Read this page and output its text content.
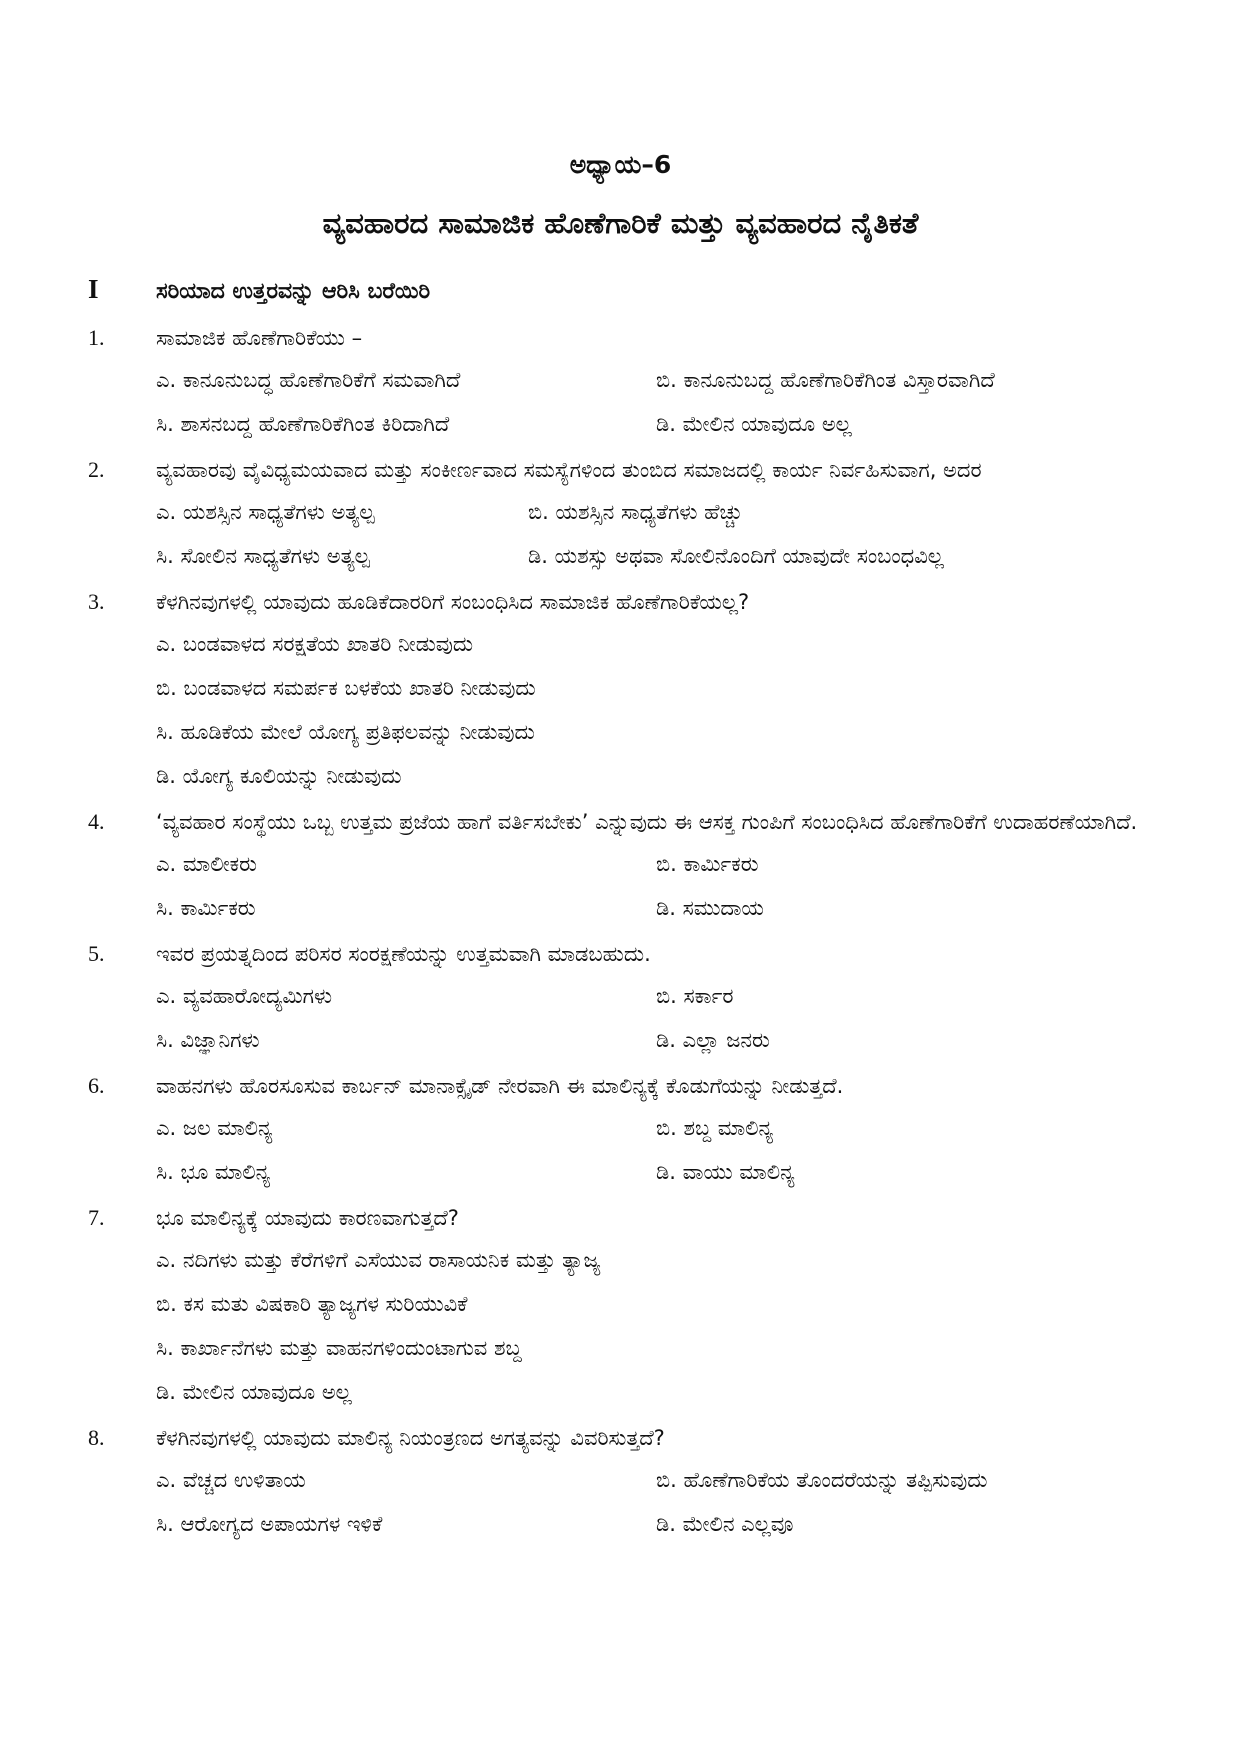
ಅಧ್ಯಾಯ–6
ವ್ಯವಹಾರದ ಸಾಮಾಜಿಕ ಹೊಣೆಗಾರಿಕೆ ಮತ್ತು ವ್ಯವಹಾರದ ನೈತಿಕತೆ
I	ಸರಿಯಾದ ಉತ್ತರವನ್ನು ಆರಿಸಿ ಬರೆಯಿರಿ
1.	ಸಾಮಾಜಿಕ ಹೊಣೆಗಾರಿಕೆಯು –
ಎ. ಕಾನೂನುಬದ್ಧ ಹೊಣೆಗಾರಿಕೆಗೆ ಸಮವಾಗಿದೆ	ಬಿ. ಕಾನೂನುಬದ್ದ ಹೊಣೆಗಾರಿಕೆಗಿಂತ ವಿಸ್ತಾರವಾಗಿದೆ
ಸಿ. ಶಾಸನಬದ್ದ ಹೊಣೆಗಾರಿಕೆಗಿಂತ ಕಿರಿದಾಗಿದೆ	ಡಿ. ಮೇಲಿನ ಯಾವುದೂ ಅಲ್ಲ
2.	ವ್ಯವಹಾರವು ವೈವಿಧ್ಯಮಯವಾದ ಮತ್ತು ಸಂಕೀರ್ಣವಾದ ಸಮಸ್ಯೆಗಳಿಂದ ತುಂಬಿದ ಸಮಾಜದಲ್ಲಿ ಕಾರ್ಯ ನಿರ್ವಹಿಸುವಾಗ, ಅದರ
ಎ. ಯಶಸ್ಸಿನ ಸಾಧ್ಯತೆಗಳು ಅತ್ಯಲ್ಪ	ಬಿ. ಯಶಸ್ಸಿನ ಸಾಧ್ಯತೆಗಳು ಹೆಚ್ಚು
ಸಿ. ಸೋಲಿನ ಸಾಧ್ಯತೆಗಳು ಅತ್ಯಲ್ಪ	ಡಿ. ಯಶಸ್ಸು ಅಥವಾ ಸೋಲಿನೊಂದಿಗೆ ಯಾವುದೇ ಸಂಬಂಧವಿಲ್ಲ
3.	ಕೆಳಗಿನವುಗಳಲ್ಲಿ ಯಾವುದು ಹೂಡಿಕೆದಾರರಿಗೆ ಸಂಬಂಧಿಸಿದ ಸಾಮಾಜಿಕ ಹೊಣೆಗಾರಿಕೆಯಲ್ಲ?
ಎ. ಬಂಡವಾಳದ ಸರಕ್ಷತೆಯ ಖಾತರಿ ನೀಡುವುದು
ಬಿ. ಬಂಡವಾಳದ ಸಮರ್ಪಕ ಬಳಕೆಯ ಖಾತರಿ ನೀಡುವುದು
ಸಿ. ಹೂಡಿಕೆಯ ಮೇಲೆ ಯೋಗ್ಯ ಪ್ರತಿಫಲವನ್ನು ನೀಡುವುದು
ಡಿ. ಯೋಗ್ಯ ಕೂಲಿಯನ್ನು ನೀಡುವುದು
4.	‘ವ್ಯವಹಾರ ಸಂಸ್ಥೆಯು ಒಬ್ಬ ಉತ್ತಮ ಪ್ರಜೆಯ ಹಾಗೆ ವರ್ತಿಸಬೇಕು’ ಎನ್ನುವುದು ಈ ಆಸಕ್ತ ಗುಂಪಿಗೆ ಸಂಬಂಧಿಸಿದ ಹೊಣೆಗಾರಿಕೆಗೆ ಉದಾಹರಣೆಯಾಗಿದೆ.
ಎ. ಮಾಲೀಕರು	ಬಿ. ಕಾರ್ಮಿಕರು
ಸಿ. ಕಾರ್ಮಿಕರು	ಡಿ. ಸಮುದಾಯ
5.	ಇವರ ಪ್ರಯತ್ನದಿಂದ ಪರಿಸರ ಸಂರಕ್ಷಣೆಯನ್ನು ಉತ್ತಮವಾಗಿ ಮಾಡಬಹುದು.
ಎ. ವ್ಯವಹಾರೋದ್ಯಮಿಗಳು	ಬಿ. ಸರ್ಕಾರ
ಸಿ. ವಿಜ್ಞಾನಿಗಳು	ಡಿ. ಎಲ್ಲಾ ಜನರು
6.	ವಾಹನಗಳು ಹೊರಸೂಸುವ ಕಾರ್ಬನ್ ಮಾನಾಕ್ಸೈಡ್ ನೇರವಾಗಿ ಈ ಮಾಲಿನ್ಯಕ್ಕೆ ಕೊಡುಗೆಯನ್ನು ನೀಡುತ್ತದೆ.
ಎ. ಜಲ ಮಾಲಿನ್ಯ	ಬಿ. ಶಬ್ದ ಮಾಲಿನ್ಯ
ಸಿ. ಭೂ ಮಾಲಿನ್ಯ	ಡಿ. ವಾಯು ಮಾಲಿನ್ಯ
7.	ಭೂ ಮಾಲಿನ್ಯಕ್ಕೆ ಯಾವುದು ಕಾರಣವಾಗುತ್ತದೆ?
ಎ. ನದಿಗಳು ಮತ್ತು ಕೆರೆಗಳಿಗೆ ಎಸೆಯುವ ರಾಸಾಯನಿಕ ಮತ್ತು ತ್ಯಾಜ್ಯ
ಬಿ. ಕಸ ಮತು ವಿಷಕಾರಿ ತ್ಯಾಜ್ಯಗಳ ಸುರಿಯುವಿಕೆ
ಸಿ. ಕಾರ್ಖಾನೆಗಳು ಮತ್ತು ವಾಹನಗಳಿಂದುಂಟಾಗುವ ಶಬ್ದ
ಡಿ. ಮೇಲಿನ ಯಾವುದೂ ಅಲ್ಲ
8.	ಕೆಳಗಿನವುಗಳಲ್ಲಿ ಯಾವುದು ಮಾಲಿನ್ಯ ನಿಯಂತ್ರಣದ ಅಗತ್ಯವನ್ನು ವಿವರಿಸುತ್ತದೆ?
ಎ. ವೆಚ್ಚದ ಉಳಿತಾಯ	ಬಿ. ಹೊಣೆಗಾರಿಕೆಯ ತೊಂದರೆಯನ್ನು ತಪ್ಪಿಸುವುದು
ಸಿ. ಆರೋಗ್ಯದ ಅಪಾಯಗಳ ಇಳಿಕೆ	ಡಿ. ಮೇಲಿನ ಎಲ್ಲವೂ
